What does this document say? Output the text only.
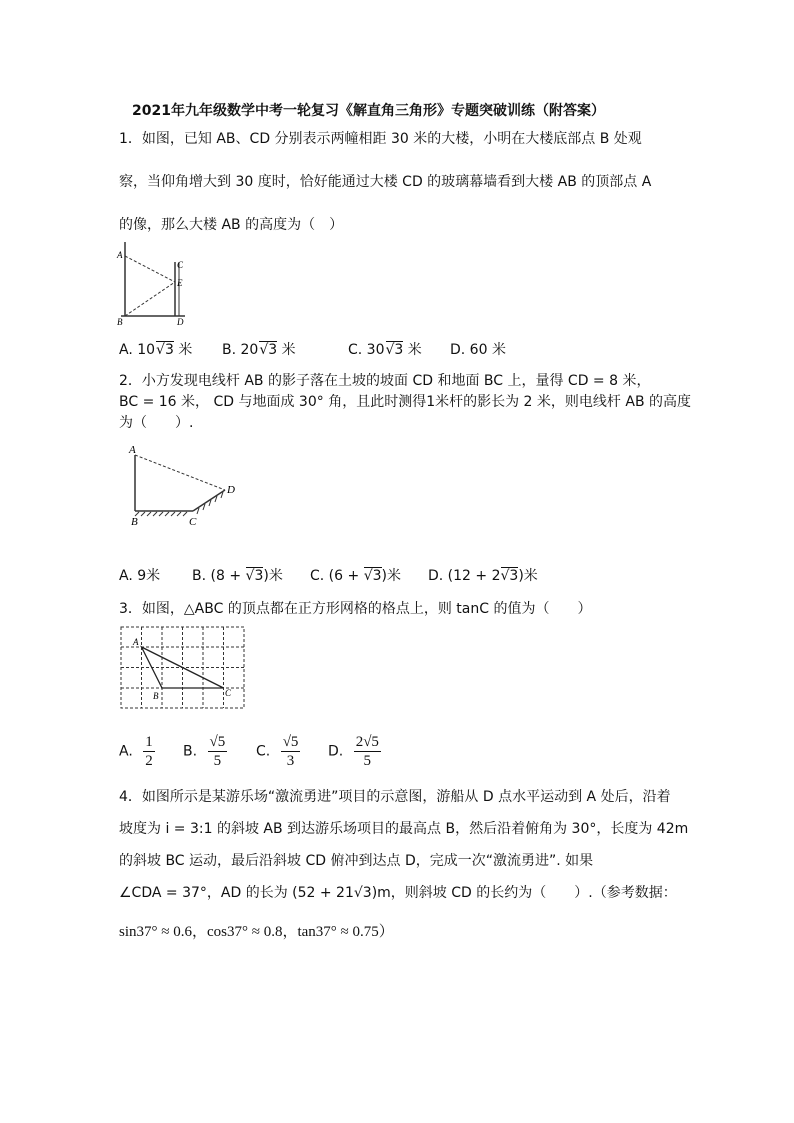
2021年九年级数学中考一轮复习《解直角三角形》专题突破训练（附答案）
1．如图，已知 AB、CD 分别表示两幢相距 30 米的大楼，小明在大楼底部点 B 处观
察，当仰角增大到 30 度时，恰好能通过大楼 CD 的玻璃幕墙看到大楼 AB 的顶部点 A
的像，那么大楼 AB 的高度为（　）
A
B
C
D
E
A. 10√3 米 B. 20√3 米	C. 30√3 米 D. 60 米
2．小方发现电线杆 AB 的影子落在土坡的坡面 CD 和地面 BC 上，量得 CD = 8 米，
BC = 16 米， CD 与地面成 30° 角，且此时测得1米杆的影长为 2 米，则电线杆 AB 的高度
为（　　）.
A
B	C
D
A. 9米 B. (8 + √3)米 C. (6 + √3)米 D. (12 + 2√3)米
3．如图，△ABC 的顶点都在正方形网格的格点上，则 tanC 的值为（　　）
A
B	C
A. $\frac{1}{2} B$. $\frac{√5}{5} C$. $\frac{√5}{3} D$. $\frac{2√5}{5}$
4．如图所示是某游乐场“激流勇进”项目的示意图，游船从 D 点水平运动到 A 处后，沿着
坡度为 i = 3:1 的斜坡 AB 到达游乐场项目的最高点 B，然后沿着俯角为 30°，长度为 42m
的斜坡 BC 运动，最后沿斜坡 CD 俯冲到达点 D，完成一次“激流勇进”. 如果
∠CDA = 37°，AD 的长为 (52 + 21√3)m，则斜坡 CD 的长约为（　　）.（参考数据：
sin37° ≈ 0.6，cos37° ≈ 0.8，tan37° ≈ 0.75）
